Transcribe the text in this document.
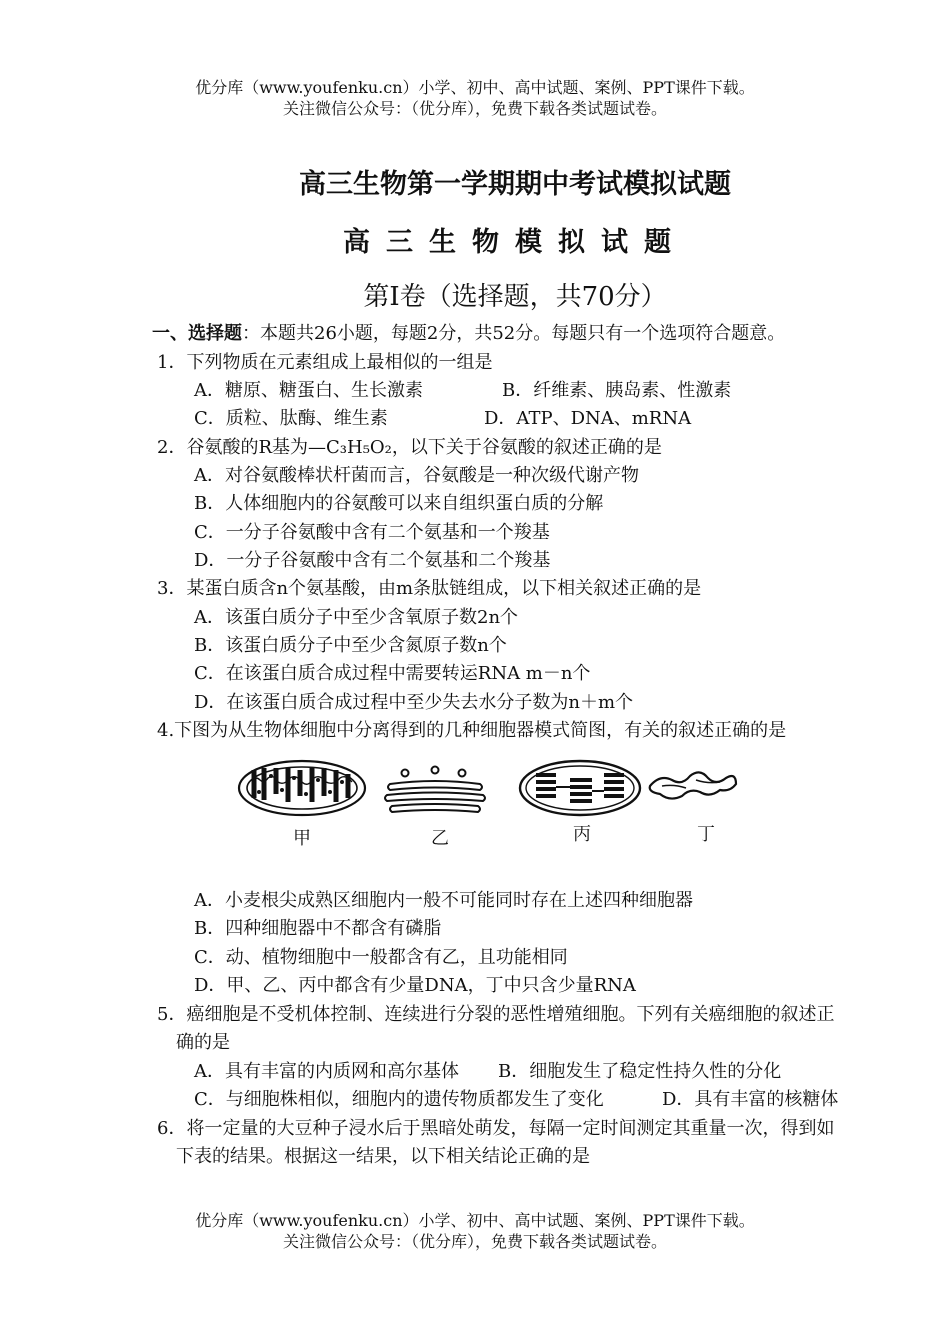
优分库（www.youfenku.cn）小学、初中、高中试题、案例、PPT课件下载。
关注微信公众号：（优分库），免费下载各类试题试卷。
高三生物第一学期期中考试模拟试题
高三生物模拟试题
第Ⅰ卷（选择题，共70分）
一、选择题：本题共26小题，每题2分，共52分。每题只有一个选项符合题意。
1．下列物质在元素组成上最相似的一组是
A．糖原、糖蛋白、生长激素	B．纤维素、胰岛素、性激素
C．质粒、肽酶、维生素	D．ATP、DNA、mRNA
2．谷氨酸的R基为—C₃H₅O₂，以下关于谷氨酸的叙述正确的是
A．对谷氨酸棒状杆菌而言，谷氨酸是一种次级代谢产物
B．人体细胞内的谷氨酸可以来自组织蛋白质的分解
C．一分子谷氨酸中含有二个氨基和一个羧基
D．一分子谷氨酸中含有二个氨基和二个羧基
3．某蛋白质含n个氨基酸，由m条肽链组成，以下相关叙述正确的是
A．该蛋白质分子中至少含氧原子数2n个
B．该蛋白质分子中至少含氮原子数n个
C．在该蛋白质合成过程中需要转运RNA m－n个
D．在该蛋白质合成过程中至少失去水分子数为n＋m个
4.下图为从生物体细胞中分离得到的几种细胞器模式简图，有关的叙述正确的是
甲	乙	丙	丁
A．小麦根尖成熟区细胞内一般不可能同时存在上述四种细胞器
B．四种细胞器中不都含有磷脂
C．动、植物细胞中一般都含有乙，且功能相同
D．甲、乙、丙中都含有少量DNA，丁中只含少量RNA
5．癌细胞是不受机体控制、连续进行分裂的恶性增殖细胞。下列有关癌细胞的叙述正
确的是
A．具有丰富的内质网和高尔基体 B．细胞发生了稳定性持久性的分化
C．与细胞株相似，细胞内的遗传物质都发生了变化	D．具有丰富的核糖体
6．将一定量的大豆种子浸水后于黑暗处萌发，每隔一定时间测定其重量一次，得到如
下表的结果。根据这一结果，以下相关结论正确的是
优分库（www.youfenku.cn）小学、初中、高中试题、案例、PPT课件下载。
关注微信公众号：（优分库），免费下载各类试题试卷。
